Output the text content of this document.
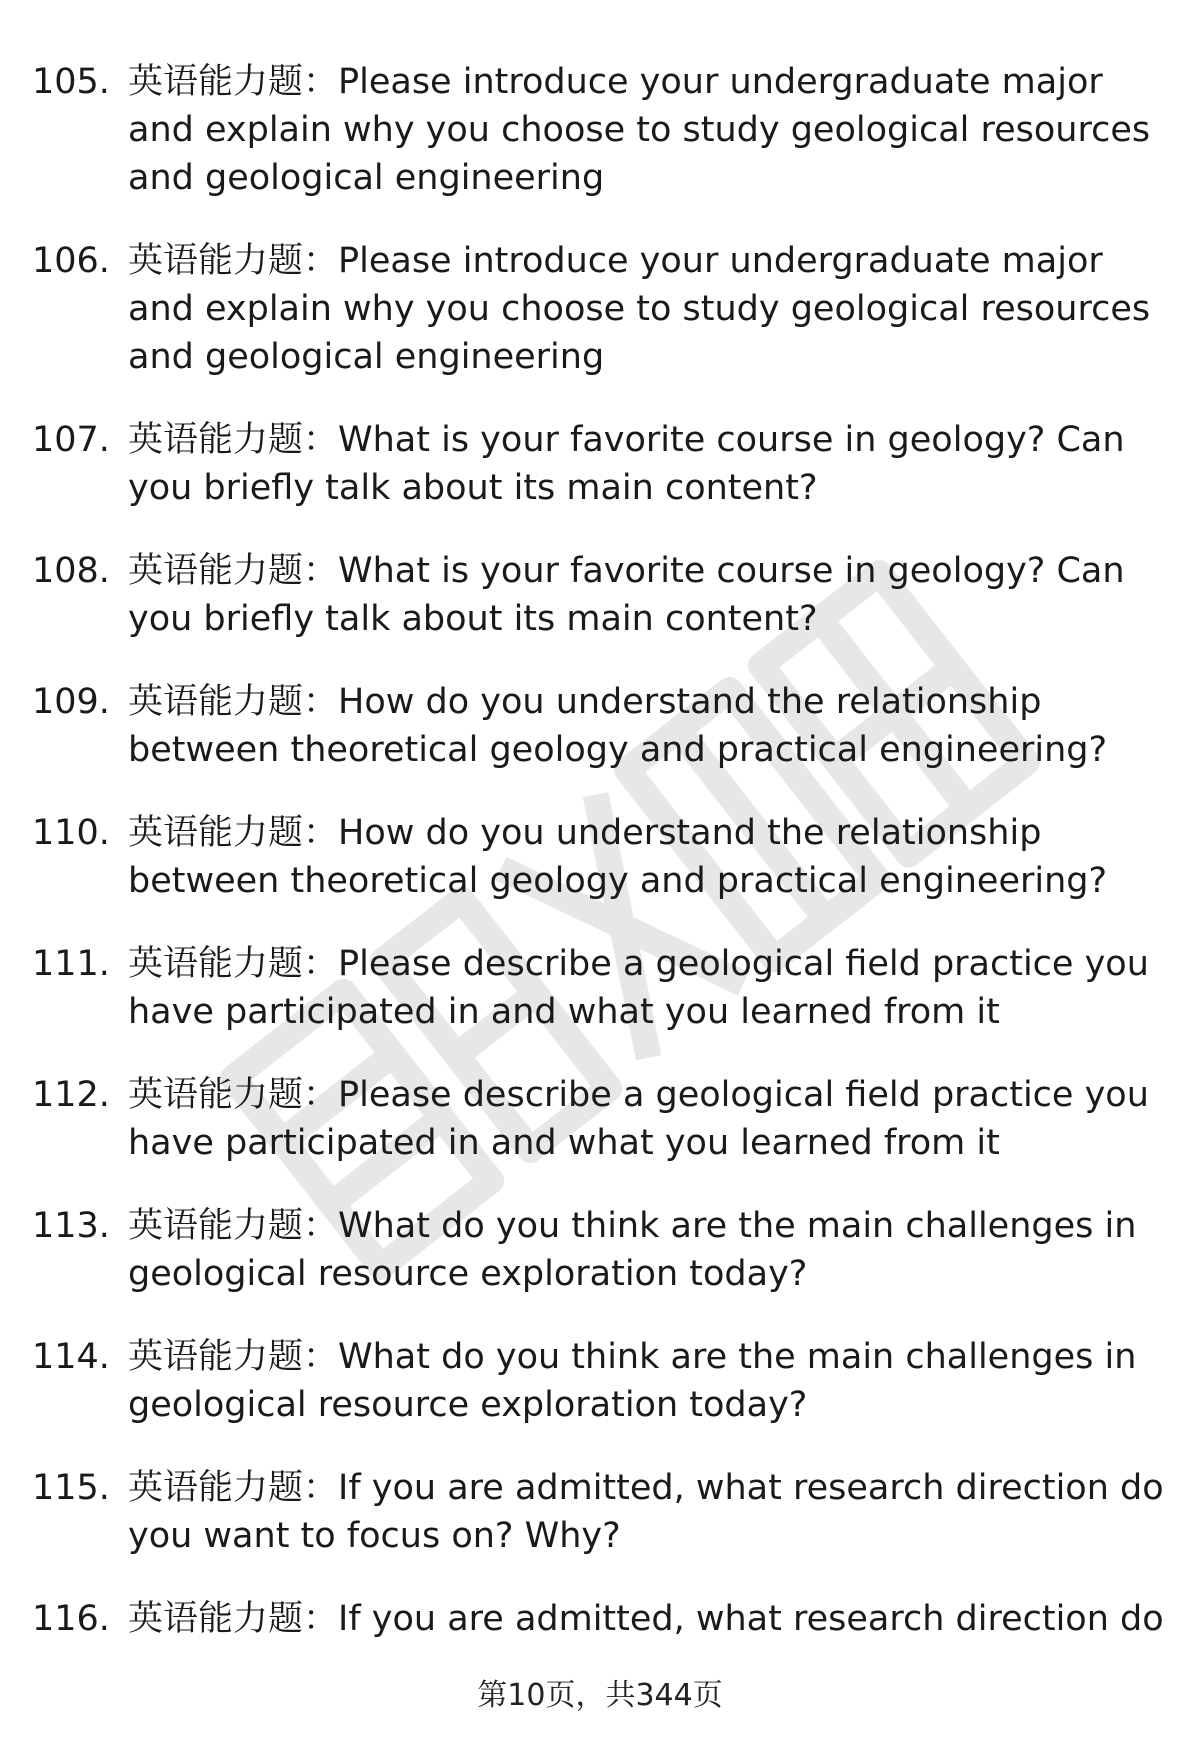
105. 英语能力题：Please introduce your undergraduate major and explain why you choose to study geological resources and geological engineering
106. 英语能力题：Please introduce your undergraduate major and explain why you choose to study geological resources and geological engineering
107. 英语能力题：What is your favorite course in geology? Can you briefly talk about its main content?
108. 英语能力题：What is your favorite course in geology? Can you briefly talk about its main content?
109. 英语能力题：How do you understand the relationship between theoretical geology and practical engineering?
110. 英语能力题：How do you understand the relationship between theoretical geology and practical engineering?
111. 英语能力题：Please describe a geological field practice you have participated in and what you learned from it
112. 英语能力题：Please describe a geological field practice you have participated in and what you learned from it
113. 英语能力题：What do you think are the main challenges in geological resource exploration today?
114. 英语能力题：What do you think are the main challenges in geological resource exploration today?
115. 英语能力题：If you are admitted, what research direction do you want to focus on? Why?
116. 英语能力题：If you are admitted, what research direction do
第10页，共344页
